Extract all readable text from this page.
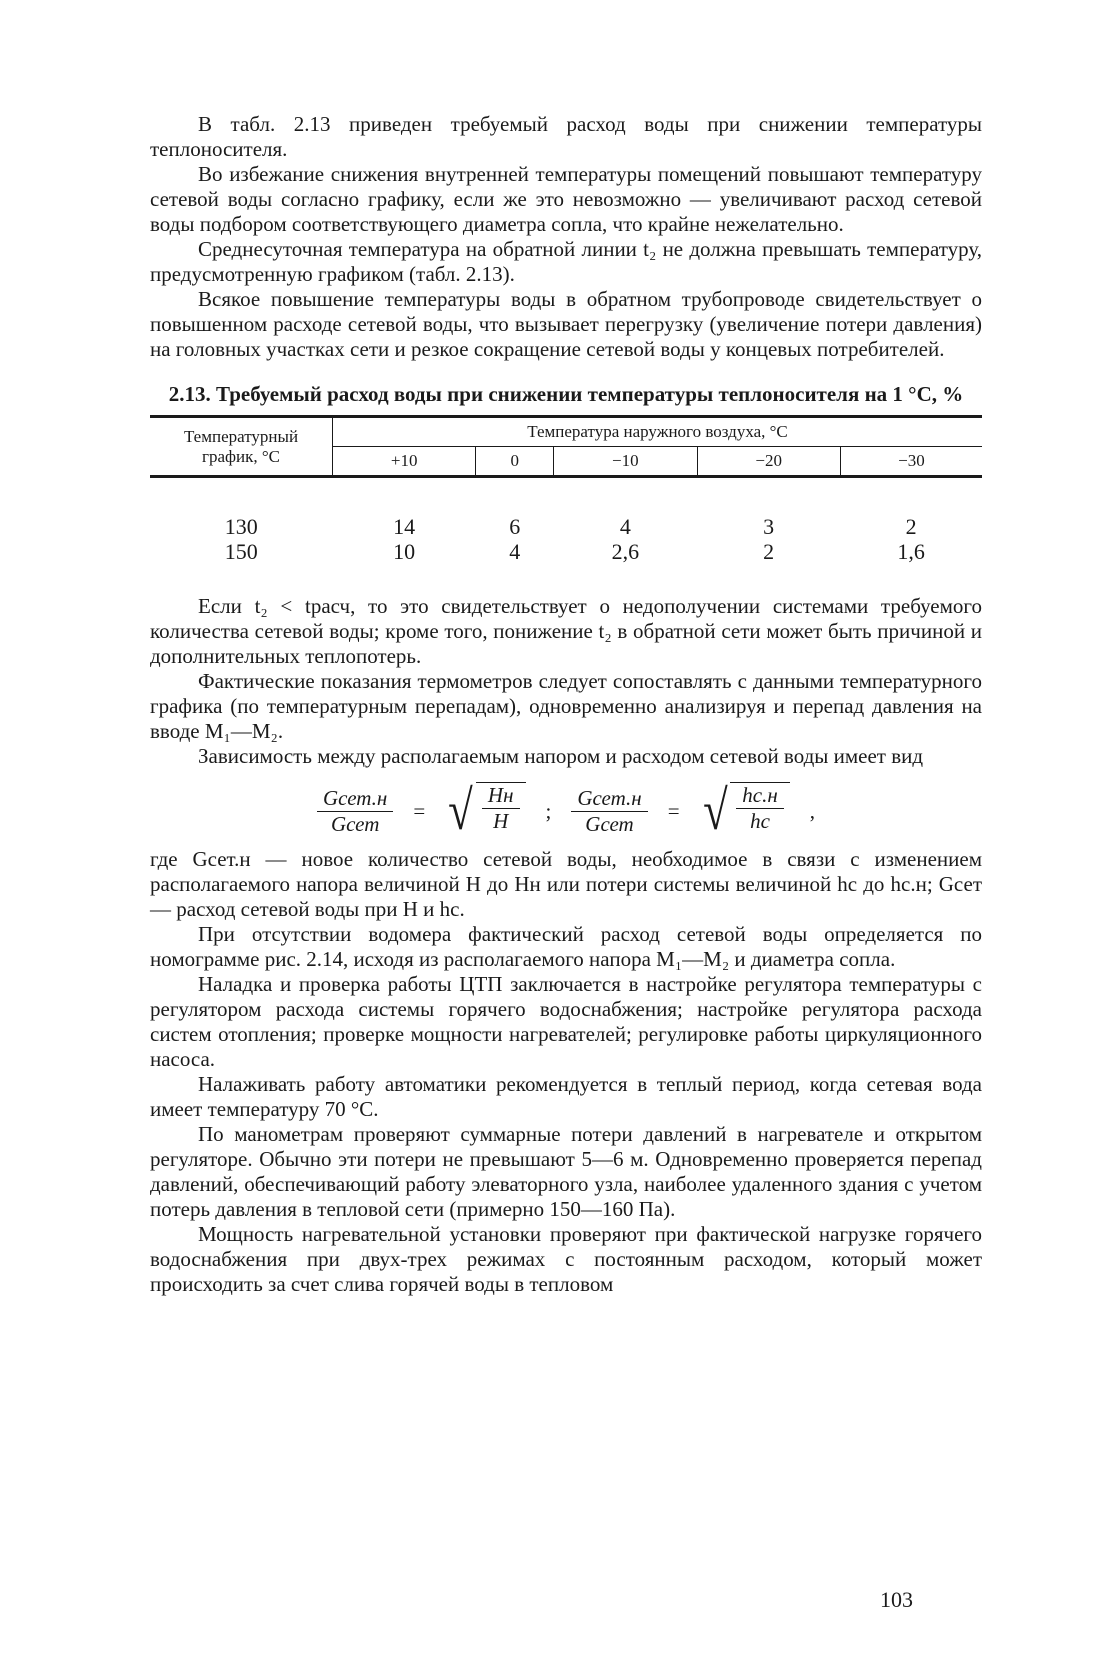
В табл. 2.13 приведен требуемый расход воды при снижении температуры теплоносителя.

Во избежание снижения внутренней температуры помещений повышают температуру сетевой воды согласно графику, если же это невозможно — увеличивают расход сетевой воды подбором соответствующего диаметра сопла, что крайне нежелательно.

Среднесуточная температура на обратной линии t₂ не должна превышать температуру, предусмотренную графиком (табл. 2.13).

Всякое повышение температуры воды в обратном трубопроводе свидетельствует о повышенном расходе сетевой воды, что вызывает перегрузку (увеличение потери давления) на головных участках сети и резкое сокращение сетевой воды у концевых потребителей.

2.13. Требуемый расход воды при снижении температуры теплоносителя на 1 °С, %
Температурный график, °С	Температура наружного воздуха, °С				
	+10	0	−10	−20	−30

130	14	6	4	3	2
150	10	4	2,6	2	1,6

Если t₂ < tрасч, то это свидетельствует о недополучении системами требуемого количества сетевой воды; кроме того, понижение t₂ в обратной сети может быть причиной и дополнительных теплопотерь.

Фактические показания термометров следует сопоставлять с данными температурного графика (по температурным перепадам), одновременно анализируя и перепад давления на вводе M₁—M₂.

Зависимость между располагаемым напором и расходом сетевой воды имеет вид

$\frac{\text{Gсет.н}}{\text{Gсет}}$ = √ $\frac{Hн}{H}$ ; $\frac{\text{Gсет.н}}{\text{Gсет}}$ = √ $\frac{hс.н}{hс}$ ,

где Gсет.н — новое количество сетевой воды, необходимое в связи с изменением располагаемого напора величиной H до Hн или потери системы величиной hс до hс.н; Gсет — расход сетевой воды при H и hс.

При отсутствии водомера фактический расход сетевой воды определяется по номограмме рис. 2.14, исходя из располагаемого напора M₁—M₂ и диаметра сопла.

Наладка и проверка работы ЦТП заключается в настройке регулятора температуры с регулятором расхода системы горячего водоснабжения; настройке регулятора расхода систем отопления; проверке мощности нагревателей; регулировке работы циркуляционного насоса.

Налаживать работу автоматики рекомендуется в теплый период, когда сетевая вода имеет температуру 70 °С.

По манометрам проверяют суммарные потери давлений в нагревателе и открытом регуляторе. Обычно эти потери не превышают 5—6 м. Одновременно проверяется перепад давлений, обеспечивающий работу элеваторного узла, наиболее удаленного здания с учетом потерь давления в тепловой сети (примерно 150—160 Па).

Мощность нагревательной установки проверяют при фактической нагрузке горячего водоснабжения при двух-трех режимах с постоянным расходом, который может происходить за счет слива горячей воды в тепловом

103
